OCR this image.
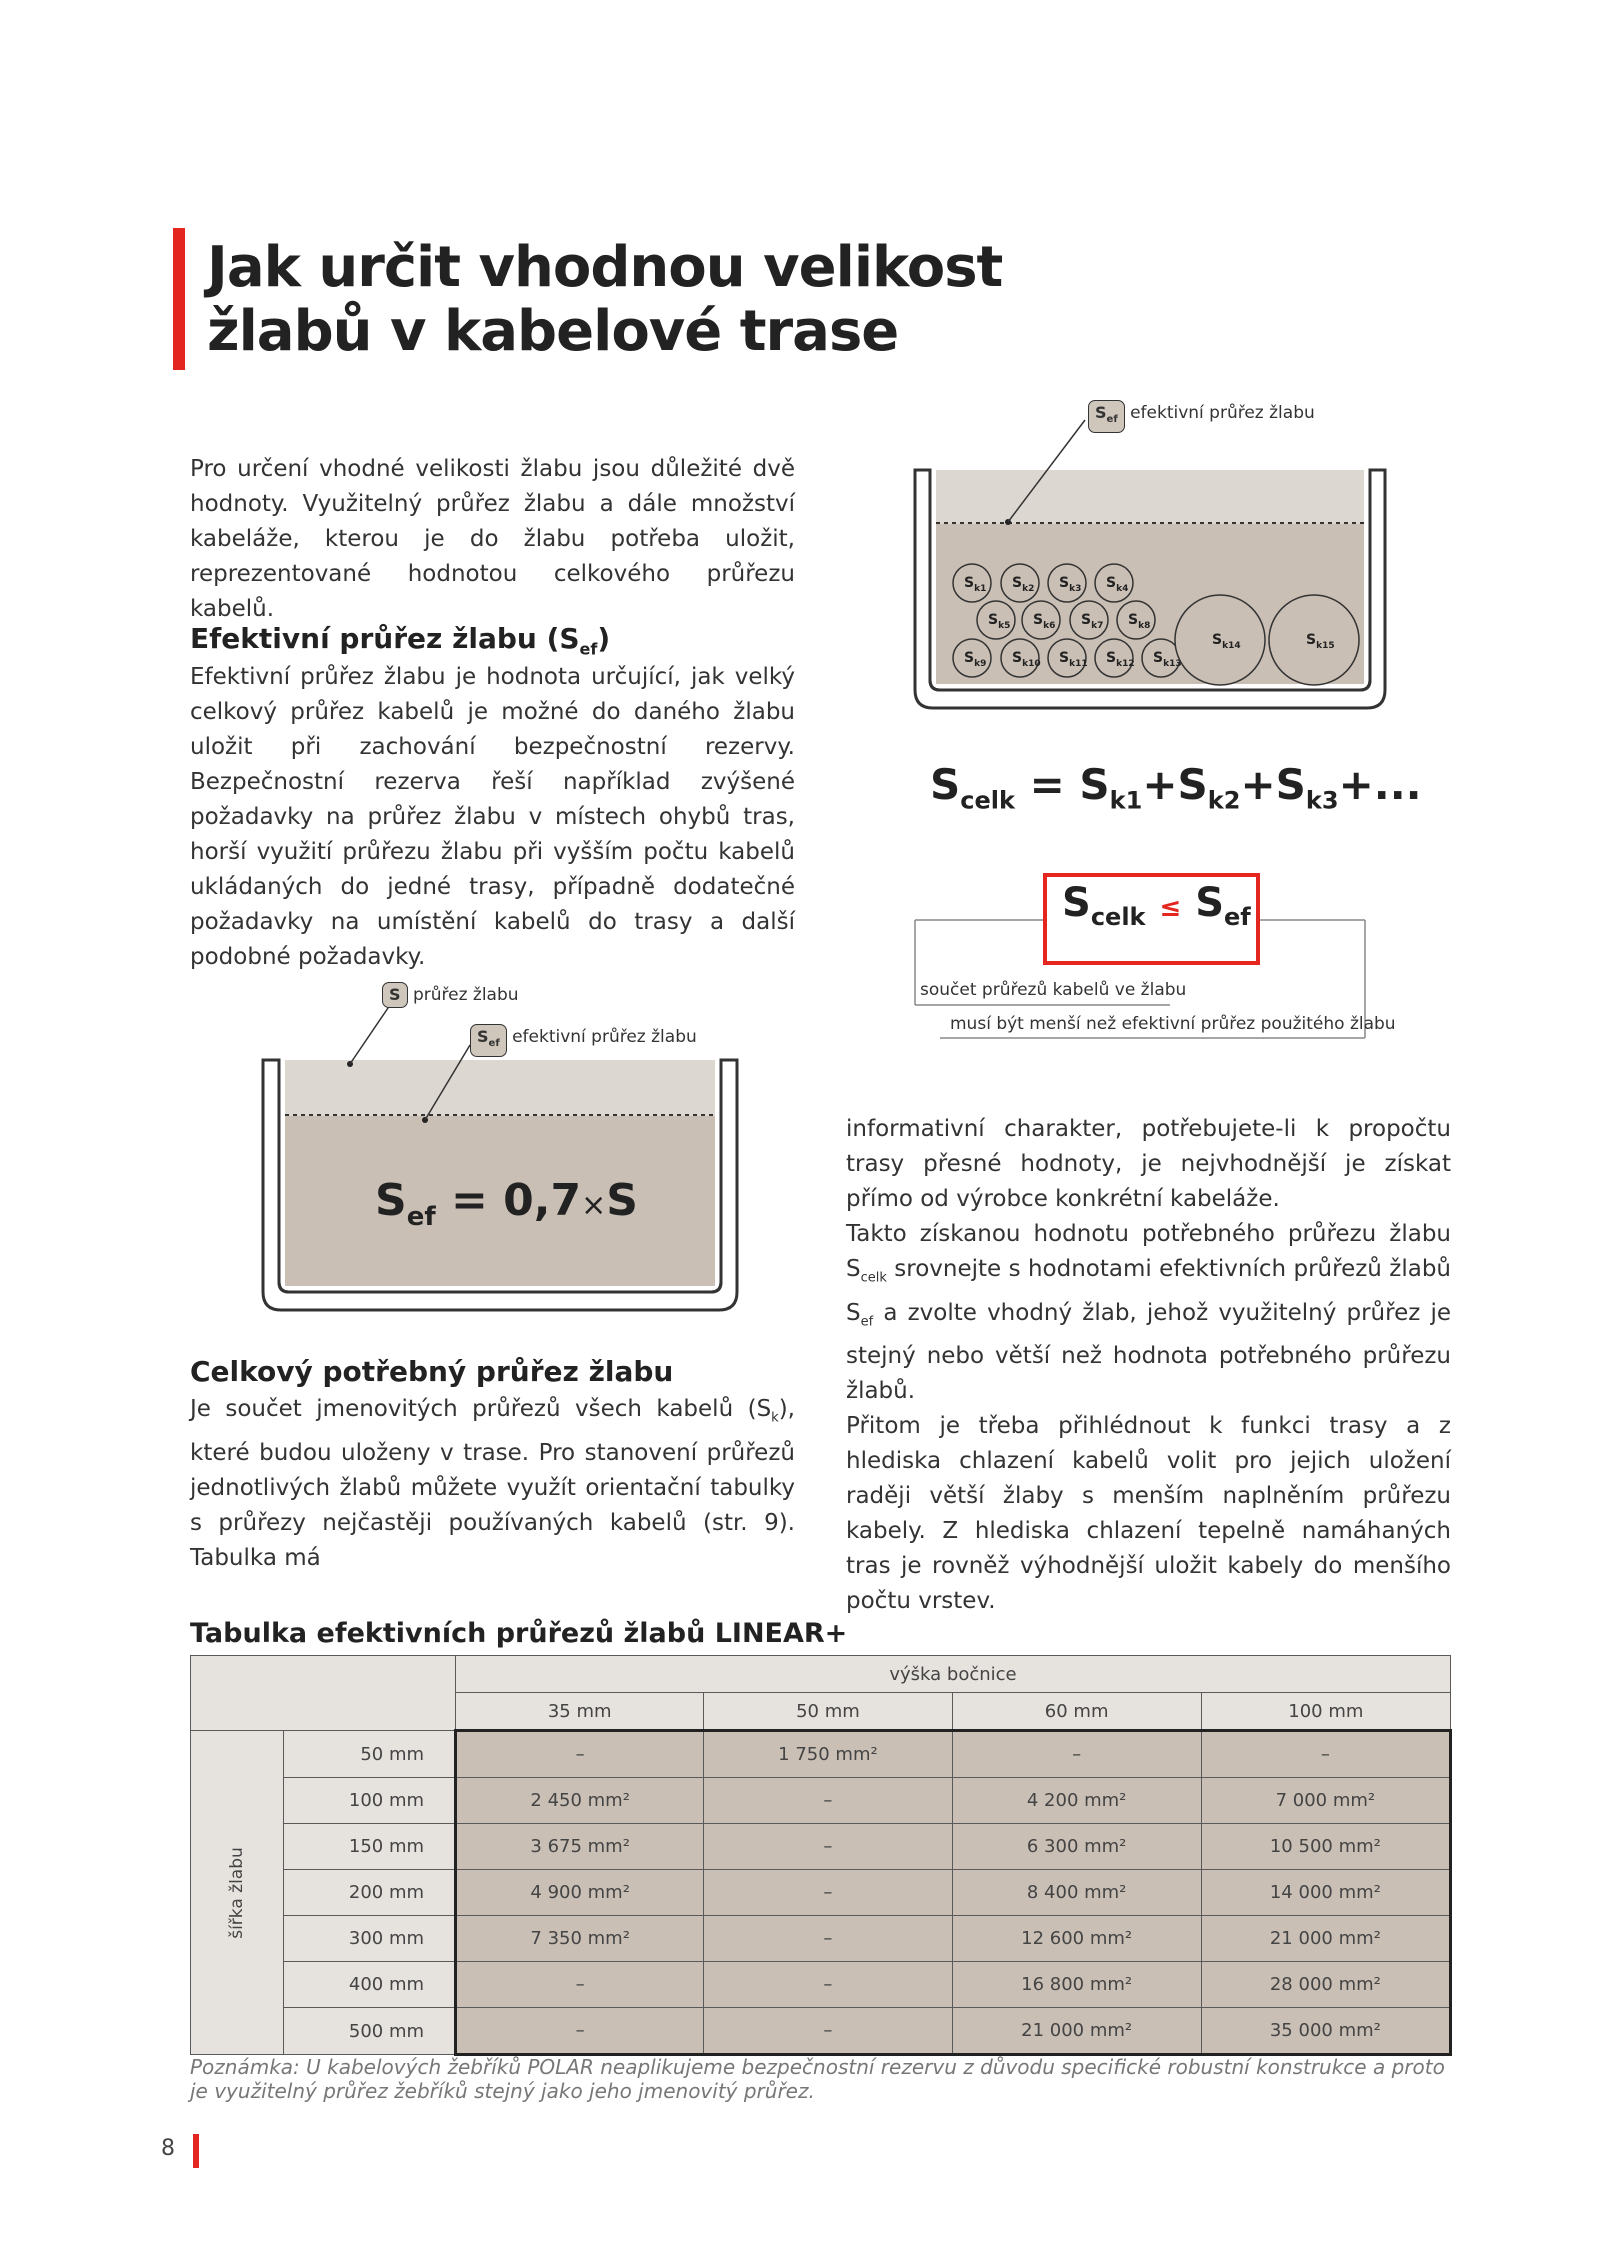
Jak určit vhodnou velikost
žlabů v kabelové trase
Pro určení vhodné velikosti žlabu jsou důležité dvě hodnoty. Využitelný průřez žlabu a dále množství kabeláže, kterou je do žlabu potřeba uložit, reprezentované hodnotou celkového průřezu kabelů.
Efektivní průřez žlabu $(S_{ef})$
Efektivní průřez žlabu je hodnota určující, jak velký celkový průřez kabelů je možné do daného žlabu uložit při zachování bezpečnostní rezervy. Bezpečnostní rezerva řeší například zvýšené požadavky na průřez žlabu v místech ohybů tras, horší využití průřezu žlabu při vyšším počtu kabelů ukládaných do jedné trasy, případně dodatečné požadavky na umístění kabelů do trasy a další podobné požadavky.
$S_{k1}$ $S_{k2}$ $S_{k3}$ $S_{k4}$
$S_{k5}$ $S_{k6}$ $S_{k7}$ $S_{k8}$
$S_{k9}$ $S_{k10}$ $S_{k11}$ $S_{k12}$ $S_{k13}$
$S_{k14}$	$S_{k15}$
$S_{ef}$ efektivní průřez žlabu
$S_{celk} = S_{k1}+S_{k2}+S_{k3}+$...
$S_{celk} \le S_{ef}$
součet průřezů kabelů ve žlabu
musí být menší než efektivní průřez použitého žlabu
S průřez žlabu
$S_{ef}$ efektivní průřez žlabu
$S_{ef} = 0,7\times S$
Celkový potřebný průřez žlabu
Je součet jmenovitých průřezů všech kabelů $(S_k)$, které budou uloženy v trase. Pro stanovení průřezů jednotlivých žlabů můžete využít orientační tabulky s průřezy nejčastěji používaných kabelů (str. 9). Tabulka má
informativní charakter, potřebujete-li k propočtu trasy přesné hodnoty, je nejvhodnější je získat přímo od výrobce konkrétní kabeláže.
Takto získanou hodnotu potřebného průřezu žlabu $S_{celk}$ srovnejte s hodnotami efektivních průřezů žlabů $S_{ef}$ a zvolte vhodný žlab, jehož využitelný průřez je stejný nebo větší než hodnota potřebného průřezu žlabů.
Přitom je třeba přihlédnout k funkci trasy a z hlediska chlazení kabelů volit pro jejich uložení raději větší žlaby s menším naplněním průřezu kabely. Z hlediska chlazení tepelně namáhaných tras je rovněž výhodnější uložit kabely do menšího počtu vrstev.
Tabulka efektivních průřezů žlabů LINEAR+
		výška bočnice			
		35 mm	50 mm	60 mm	100 mm

šířka žlabu	50 mm	–	1 750 mm²	–	–
	100 mm	2 450 mm²	–	4 200 mm²	7 000 mm²
	150 mm	3 675 mm²	–	6 300 mm²	10 500 mm²
	200 mm	4 900 mm²	–	8 400 mm²	14 000 mm²
	300 mm	7 350 mm²	–	12 600 mm²	21 000 mm²
	400 mm	–	–	16 800 mm²	28 000 mm²
	500 mm	–	–	21 000 mm²	35 000 mm²
Poznámka: U kabelových žebříků POLAR neaplikujeme bezpečnostní rezervu z důvodu specifické robustní konstrukce a proto je využitelný průřez žebříků stejný jako jeho jmenovitý průřez.
8
